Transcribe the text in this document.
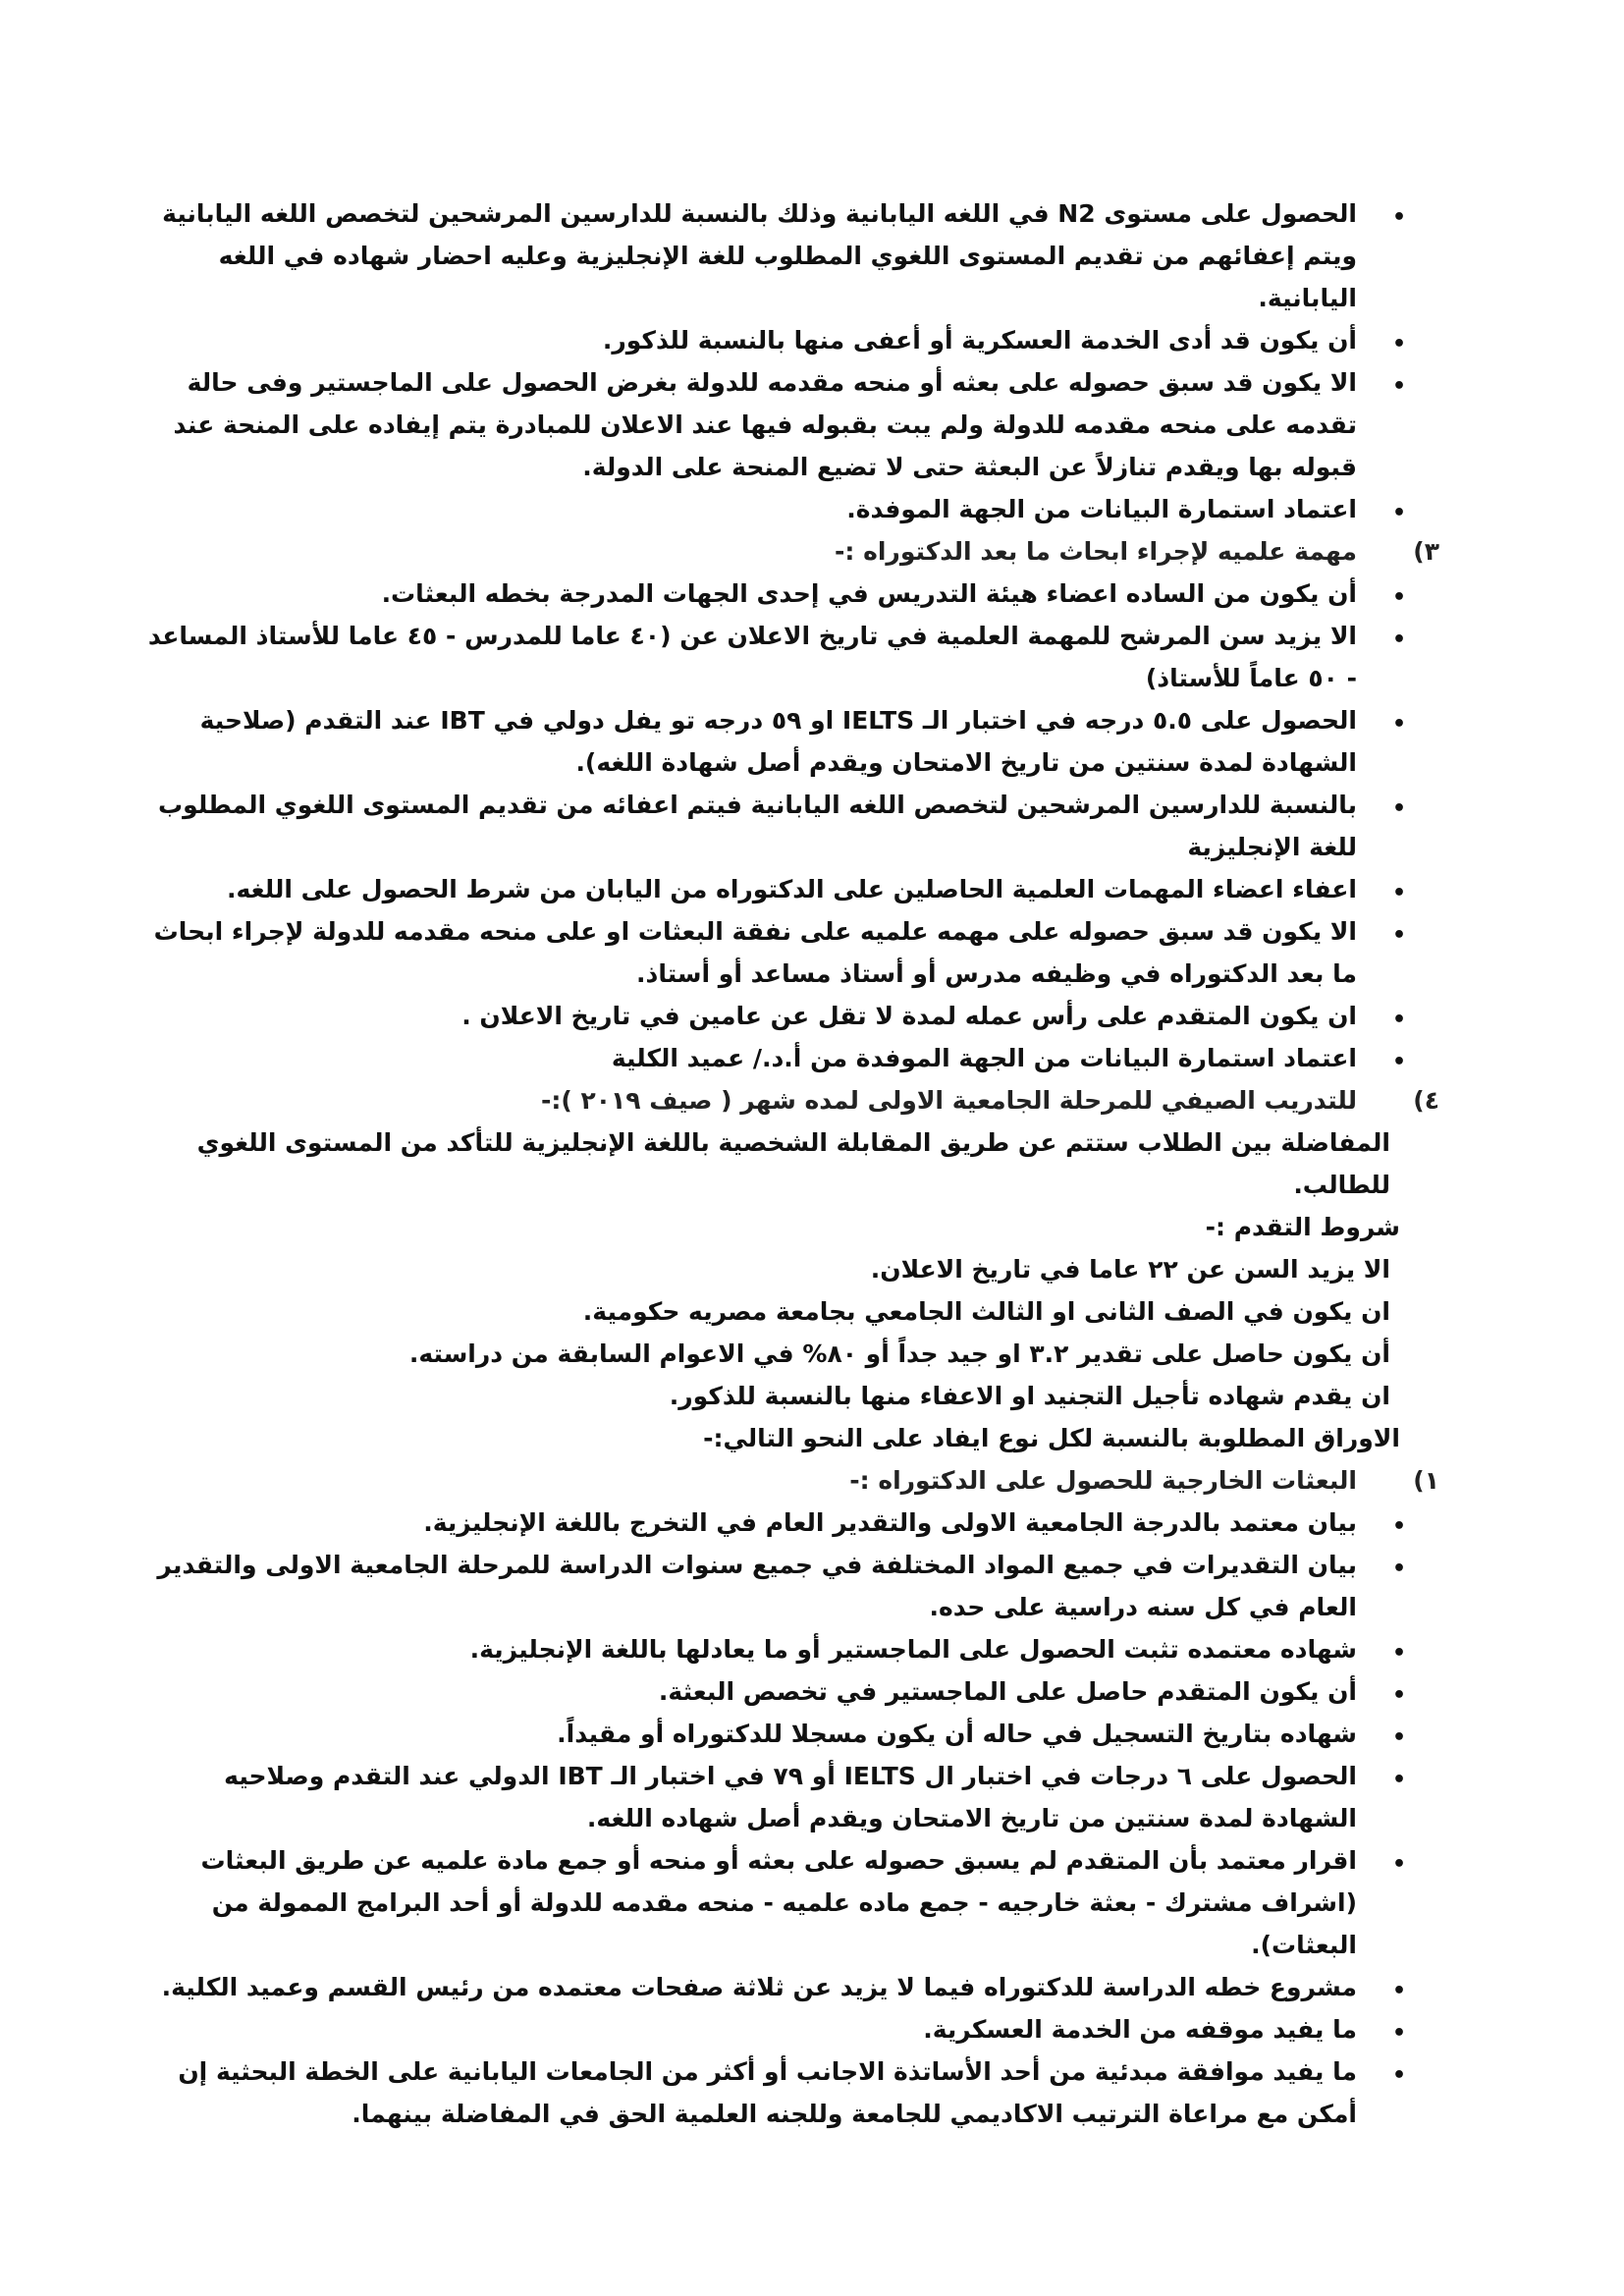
• الحصول على مستوى N2 في اللغه اليابانية وذلك بالنسبة للدارسين المرشحين لتخصص اللغه اليابانية ويتم إعفائهم من تقديم المستوى اللغوي المطلوب للغة الإنجليزية وعليه احضار شهاده في اللغه اليابانية.
• أن يكون قد أدى الخدمة العسكرية أو أعفى منها بالنسبة للذكور.
• الا يكون قد سبق حصوله على بعثه أو منحه مقدمه للدولة بغرض الحصول على الماجستير وفى حالة تقدمه على منحه مقدمه للدولة ولم يبت بقبوله فيها عند الاعلان للمبادرة يتم إيفاده على المنحة عند قبوله بها ويقدم تنازلاً عن البعثة حتى لا تضيع المنحة على الدولة.
• اعتماد استمارة البيانات من الجهة الموفدة.
٣)
مهمة علميه لإجراء ابحاث ما بعد الدكتوراه :-
• أن يكون من الساده اعضاء هيئة التدريس في إحدى الجهات المدرجة بخطه البعثات.
• الا يزيد سن المرشح للمهمة العلمية في تاريخ الاعلان عن (٤٠ عاما للمدرس - ٤٥ عاما للأستاذ المساعد - ٥٠ عاماً للأستاذ)
• الحصول على ٥.٥ درجه في اختبار الـ IELTS او ٥٩ درجه تو يفل دولي في IBT عند التقدم (صلاحية الشهادة لمدة سنتين من تاريخ الامتحان ويقدم أصل شهادة اللغه).
• بالنسبة للدارسين المرشحين لتخصص اللغه اليابانية فيتم اعفائه من تقديم المستوى اللغوي المطلوب للغة الإنجليزية
• اعفاء اعضاء المهمات العلمية الحاصلين على الدكتوراه من اليابان من شرط الحصول على اللغه.
• الا يكون قد سبق حصوله على مهمه علميه على نفقة البعثات او على منحه مقدمه للدولة لإجراء ابحاث ما بعد الدكتوراه في وظيفه مدرس أو أستاذ مساعد أو أستاذ.
• ان يكون المتقدم على رأس عمله لمدة لا تقل عن عامين في تاريخ الاعلان .
• اعتماد استمارة البيانات من الجهة الموفدة من أ.د./ عميد الكلية
٤)
للتدريب الصيفي للمرحلة الجامعية الاولى لمده شهر ( صيف ٢٠١٩ ):-
المفاضلة بين الطلاب ستتم عن طريق المقابلة الشخصية باللغة الإنجليزية للتأكد من المستوى اللغوي للطالب.
شروط التقدم :-
الا يزيد السن عن ٢٢ عاما في تاريخ الاعلان.
ان يكون في الصف الثانى او الثالث الجامعي بجامعة مصريه حكومية.
أن يكون حاصل على تقدير ٣.٢ او جيد جداً أو ٨٠% في الاعوام السابقة من دراسته.
ان يقدم شهاده تأجيل التجنيد او الاعفاء منها بالنسبة للذكور.
الاوراق المطلوبة بالنسبة لكل نوع ايفاد على النحو التالي:-
١)
البعثات الخارجية للحصول على الدكتوراه :-
• بيان معتمد بالدرجة الجامعية الاولى والتقدير العام في التخرج باللغة الإنجليزية.
• بيان التقديرات في جميع المواد المختلفة في جميع سنوات الدراسة للمرحلة الجامعية الاولى والتقدير العام في كل سنه دراسية على حده.
• شهاده معتمده تثبت الحصول على الماجستير أو ما يعادلها باللغة الإنجليزية.
• أن يكون المتقدم حاصل على الماجستير في تخصص البعثة.
• شهاده بتاريخ التسجيل في حاله أن يكون مسجلا للدكتوراه أو مقيداً.
• الحصول على ٦ درجات في اختبار ال IELTS أو ٧٩ في اختبار الـ IBT الدولي عند التقدم وصلاحيه الشهادة لمدة سنتين من تاريخ الامتحان ويقدم أصل شهاده اللغه.
• اقرار معتمد بأن المتقدم لم يسبق حصوله على بعثه أو منحه أو جمع مادة علميه عن طريق البعثات (اشراف مشترك - بعثة خارجيه - جمع ماده علميه - منحه مقدمه للدولة أو أحد البرامج الممولة من البعثات).
• مشروع خطه الدراسة للدكتوراه فيما لا يزيد عن ثلاثة صفحات معتمده من رئيس القسم وعميد الكلية.
• ما يفيد موقفه من الخدمة العسكرية.
• ما يفيد موافقة مبدئية من أحد الأساتذة الاجانب أو أكثر من الجامعات اليابانية على الخطة البحثية إن أمكن مع مراعاة الترتيب الاكاديمي للجامعة وللجنه العلمية الحق في المفاضلة بينهما.
